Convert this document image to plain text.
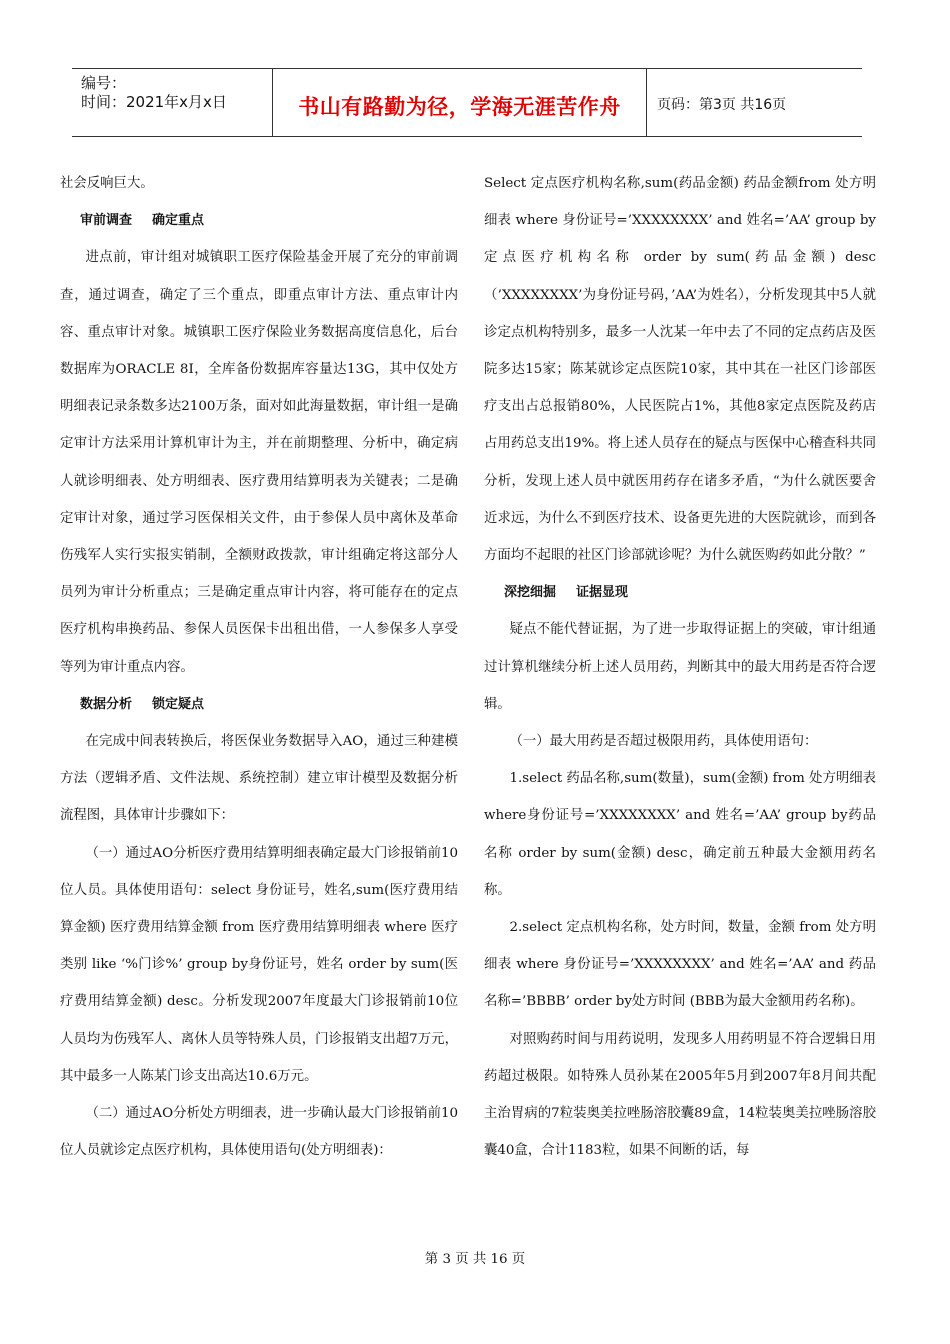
编号：
时间：2021年x月x日	书山有路勤为径，学海无涯苦作舟	页码：第3页 共16页

社会反响巨大。

审前调查 确定重点

进点前，审计组对城镇职工医疗保险基金开展了充分的审前调查，通过调查，确定了三个重点，即重点审计方法、重点审计内容、重点审计对象。城镇职工医疗保险业务数据高度信息化，后台数据库为ORACLE 8I，全库备份数据库容量达13G，其中仅处方明细表记录条数多达2100万条，面对如此海量数据，审计组一是确定审计方法采用计算机审计为主，并在前期整理、分析中，确定病人就诊明细表、处方明细表、医疗费用结算明表为关键表；二是确定审计对象，通过学习医保相关文件，由于参保人员中离休及革命伤残军人实行实报实销制，全额财政拨款，审计组确定将这部分人员列为审计分析重点；三是确定重点审计内容，将可能存在的定点医疗机构串换药品、参保人员医保卡出租出借，一人参保多人享受等列为审计重点内容。

数据分析 锁定疑点

在完成中间表转换后，将医保业务数据导入AO，通过三种建模方法（逻辑矛盾、文件法规、系统控制）建立审计模型及数据分析流程图，具体审计步骤如下：

（一）通过AO分析医疗费用结算明细表确定最大门诊报销前10位人员。具体使用语句：select 身份证号，姓名,sum(医疗费用结算金额) 医疗费用结算金额 from 医疗费用结算明细表 where 医疗类别 like ‘%门诊%’ group by身份证号，姓名 order by sum(医疗费用结算金额) desc。分析发现2007年度最大门诊报销前10位人员均为伤残军人、离休人员等特殊人员，门诊报销支出超7万元，其中最多一人陈某门诊支出高达10.6万元。

（二）通过AO分析处方明细表，进一步确认最大门诊报销前10位人员就诊定点医疗机构，具体使用语句(处方明细表)：

Select 定点医疗机构名称,sum(药品金额) 药品金额from 处方明细表 where 身份证号=’XXXXXXXX’ and 姓名=’AA’ group by定点医疗机构名称 order by sum(药品金额) desc（’XXXXXXXX’为身份证号码，’AA’为姓名），分析发现其中5人就诊定点机构特别多，最多一人沈某一年中去了不同的定点药店及医院多达15家；陈某就诊定点医院10家，其中其在一社区门诊部医疗支出占总报销80%，人民医院占1%，其他8家定点医院及药店占用药总支出19%。将上述人员存在的疑点与医保中心稽查科共同分析，发现上述人员中就医用药存在诸多矛盾，“为什么就医要舍近求远，为什么不到医疗技术、设备更先进的大医院就诊，而到各方面均不起眼的社区门诊部就诊呢？为什么就医购药如此分散？”

深挖细掘 证据显现

疑点不能代替证据，为了进一步取得证据上的突破，审计组通过计算机继续分析上述人员用药，判断其中的最大用药是否符合逻辑。

（一）最大用药是否超过极限用药，具体使用语句：

1.select 药品名称,sum(数量)，sum(金额) from 处方明细表 where身份证号=’XXXXXXXX’ and 姓名=’AA’ group by药品名称 order by sum(金额) desc，确定前五种最大金额用药名称。

2.select 定点机构名称，处方时间，数量，金额 from 处方明细表 where 身份证号=’XXXXXXXX’ and 姓名=’AA’ and 药品名称=’BBBB’ order by处方时间 (BBB为最大金额用药名称)。

对照购药时间与用药说明，发现多人用药明显不符合逻辑日用药超过极限。如特殊人员孙某在2005年5月到2007年8月间共配主治胃病的7粒装奥美拉唑肠溶胶囊89盒，14粒装奥美拉唑肠溶胶囊40盒，合计1183粒，如果不间断的话，每

第 3 页 共 16 页
